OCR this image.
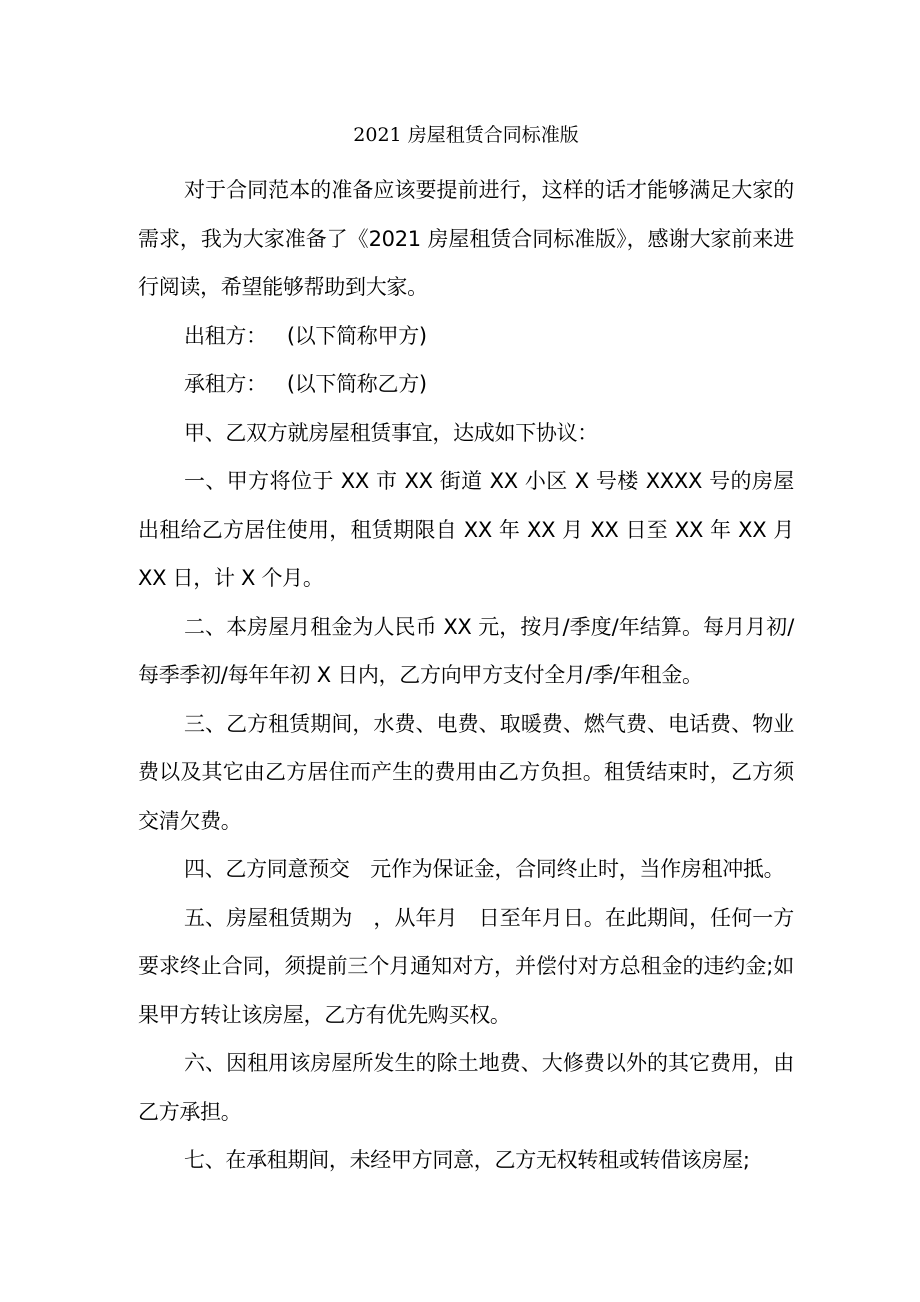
2021 房屋租赁合同标准版

对于合同范本的准备应该要提前进行，这样的话才能够满足大家的需求，我为大家准备了《2021 房屋租赁合同标准版》，感谢大家前来进行阅读，希望能够帮助到大家。

出租方： (以下简称甲方)

承租方： (以下简称乙方)

甲、乙双方就房屋租赁事宜，达成如下协议：

一、甲方将位于 XX 市 XX 街道 XX 小区 X 号楼 XXXX 号的房屋出租给乙方居住使用，租赁期限自 XX 年 XX 月 XX 日至 XX 年 XX 月 XX 日，计 X 个月。

二、本房屋月租金为人民币 XX 元，按月/季度/年结算。每月月初/每季季初/每年年初 X 日内，乙方向甲方支付全月/季/年租金。

三、乙方租赁期间，水费、电费、取暖费、燃气费、电话费、物业费以及其它由乙方居住而产生的费用由乙方负担。租赁结束时，乙方须交清欠费。

四、乙方同意预交　元作为保证金，合同终止时，当作房租冲抵。

五、房屋租赁期为　，从年月　日至年月日。在此期间，任何一方要求终止合同，须提前三个月通知对方，并偿付对方总租金的违约金;如果甲方转让该房屋，乙方有优先购买权。

六、因租用该房屋所发生的除土地费、大修费以外的其它费用，由乙方承担。

七、在承租期间，未经甲方同意，乙方无权转租或转借该房屋;
